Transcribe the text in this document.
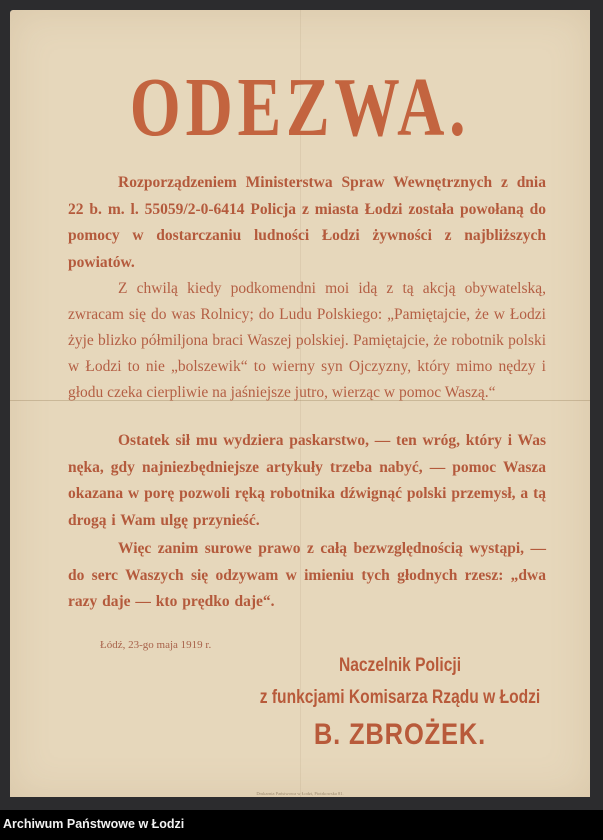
ODEZWA.
Rozporządzeniem Ministerstwa Spraw Wewnętrznych z dnia 22 b. m. l. 55059/2-0-6414 Policja z miasta Łodzi została powołaną do pomocy w dostarczaniu ludności Łodzi żywności z najbliższych powiatów.
Z chwilą kiedy podkomendni moi idą z tą akcją obywatelską, zwracam się do was Rolnicy; do Ludu Polskiego: „Pamiętajcie, że w Łodzi żyje blizko półmiljona braci Waszej polskiej. Pamiętajcie, że robotnik polski w Łodzi to nie „bolszewik“ to wierny syn Ojczyzny, który mimo nędzy i głodu czeka cierpliwie na jaśniejsze jutro, wierząc w pomoc Waszą.“
Ostatek sił mu wydziera paskarstwo, — ten wróg, który i Was nęka, gdy najniezbędniejsze artykuły trzeba nabyć, — pomoc Wasza okazana w porę pozwoli ręką robotnika dźwignąć polski przemysł, a tą drogą i Wam ulgę przynieść.
Więc zanim surowe prawo z całą bezwzględnością wystąpi, — do serc Waszych się odzywam w imieniu tych głodnych rzesz: „dwa razy daje — kto prędko daje“.
Łódź, 23-go maja 1919 r.
Naczelnik Policji
z funkcjami Komisarza Rządu w Łodzi
B. ZBROŻEK.
Drukarnia Państwowa w Łodzi, Piotrkowska 81.
Archiwum Państwowe w Łodzi
